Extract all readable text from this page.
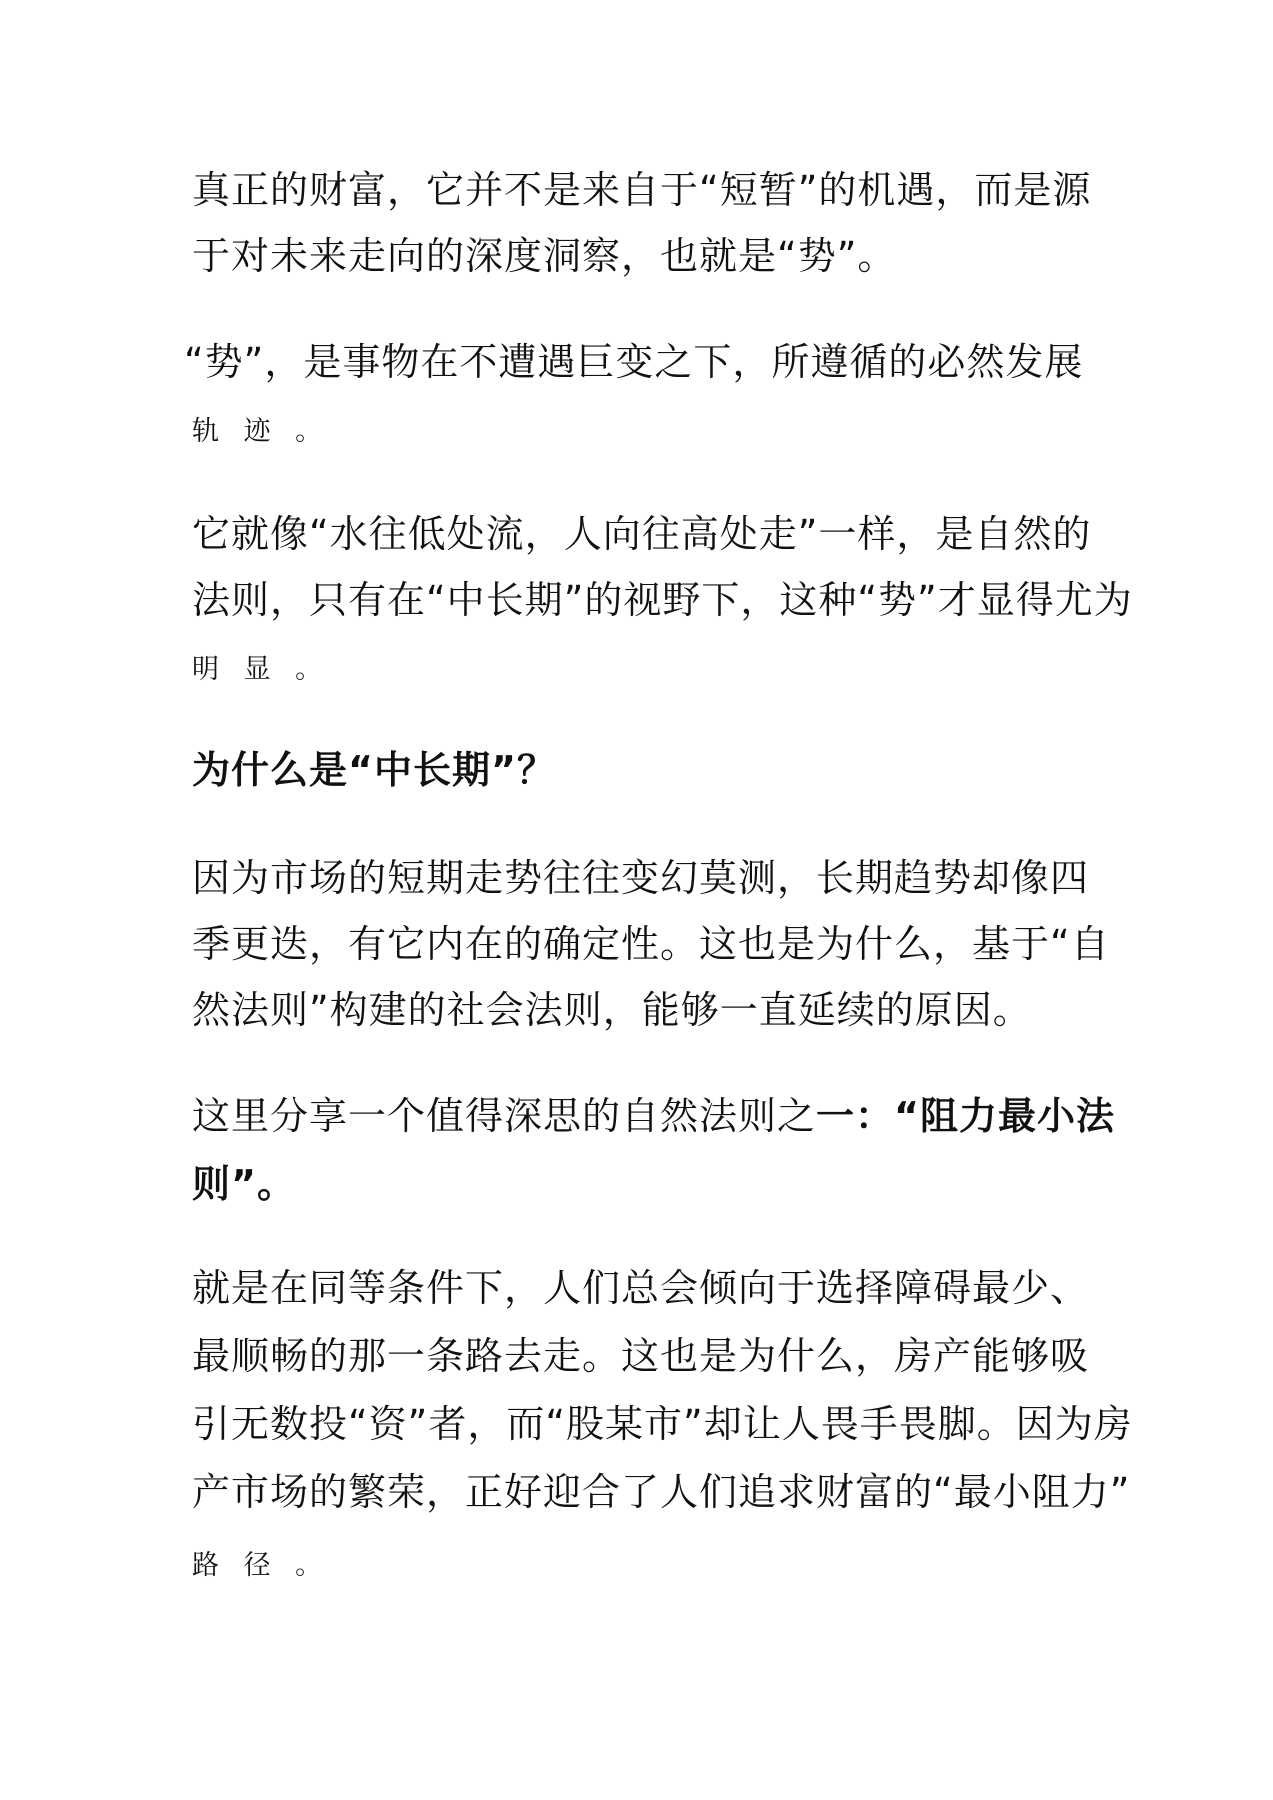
真正的财富，它并不是来自于“短暂”的机遇，而是源
于对未来走向的深度洞察，也就是“势”。
“势”，是事物在不遭遇巨变之下，所遵循的必然发展
轨 迹 。
它就像“水往低处流，人向往高处走”一样，是自然的
法则，只有在“中长期”的视野下，这种“势”才显得尤为
明 显 。
为什么是“中长期”？
因为市场的短期走势往往变幻莫测，长期趋势却像四
季更迭，有它内在的确定性。这也是为什么，基于“自
然法则”构建的社会法则，能够一直延续的原因。
这里分享一个值得深思的自然法则之一：“阻力最小法
则”。
就是在同等条件下，人们总会倾向于选择障碍最少、
最顺畅的那一条路去走。这也是为什么，房产能够吸
引无数投“资”者，而“股某市”却让人畏手畏脚。因为房
产市场的繁荣，正好迎合了人们追求财富的“最小阻力”
路 径 。
